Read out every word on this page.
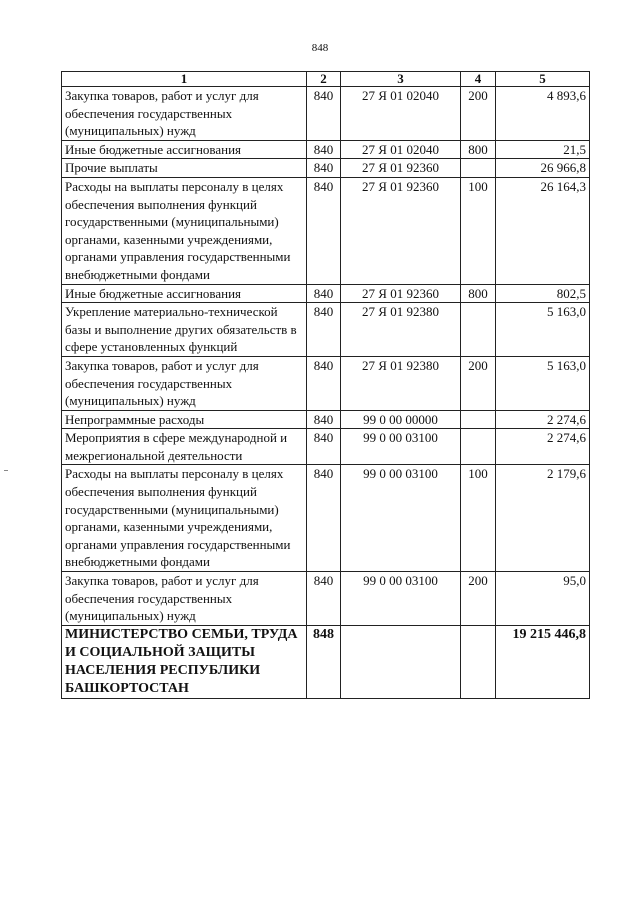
848
1	2	3	4	5
Закупка товаров, работ и услуг для обеспечения государственных (муниципальных) нужд	840	27 Я 01 02040	200	4 893,6
Иные бюджетные ассигнования	840	27 Я 01 02040	800	21,5
Прочие выплаты	840	27 Я 01 92360		26 966,8
Расходы на выплаты персоналу в целях обеспечения выполнения функций государственными (муниципальными) органами, казенными учреждениями, органами управления государственными внебюджетными фондами	840	27 Я 01 92360	100	26 164,3
Иные бюджетные ассигнования	840	27 Я 01 92360	800	802,5
Укрепление материально-технической базы и выполнение других обязательств в сфере установленных функций	840	27 Я 01 92380		5 163,0
Закупка товаров, работ и услуг для обеспечения государственных (муниципальных) нужд	840	27 Я 01 92380	200	5 163,0
Непрограммные расходы	840	99 0 00 00000		2 274,6
Мероприятия в сфере международной и межрегиональной деятельности	840	99 0 00 03100		2 274,6
Расходы на выплаты персоналу в целях обеспечения выполнения функций государственными (муниципальными) органами, казенными учреждениями, органами управления государственными внебюджетными фондами	840	99 0 00 03100	100	2 179,6
Закупка товаров, работ и услуг для обеспечения государственных (муниципальных) нужд	840	99 0 00 03100	200	95,0
МИНИСТЕРСТВО СЕМЬИ, ТРУДА И СОЦИАЛЬНОЙ ЗАЩИТЫ НАСЕЛЕНИЯ РЕСПУБЛИКИ БАШКОРТОСТАН	848			19 215 446,8
